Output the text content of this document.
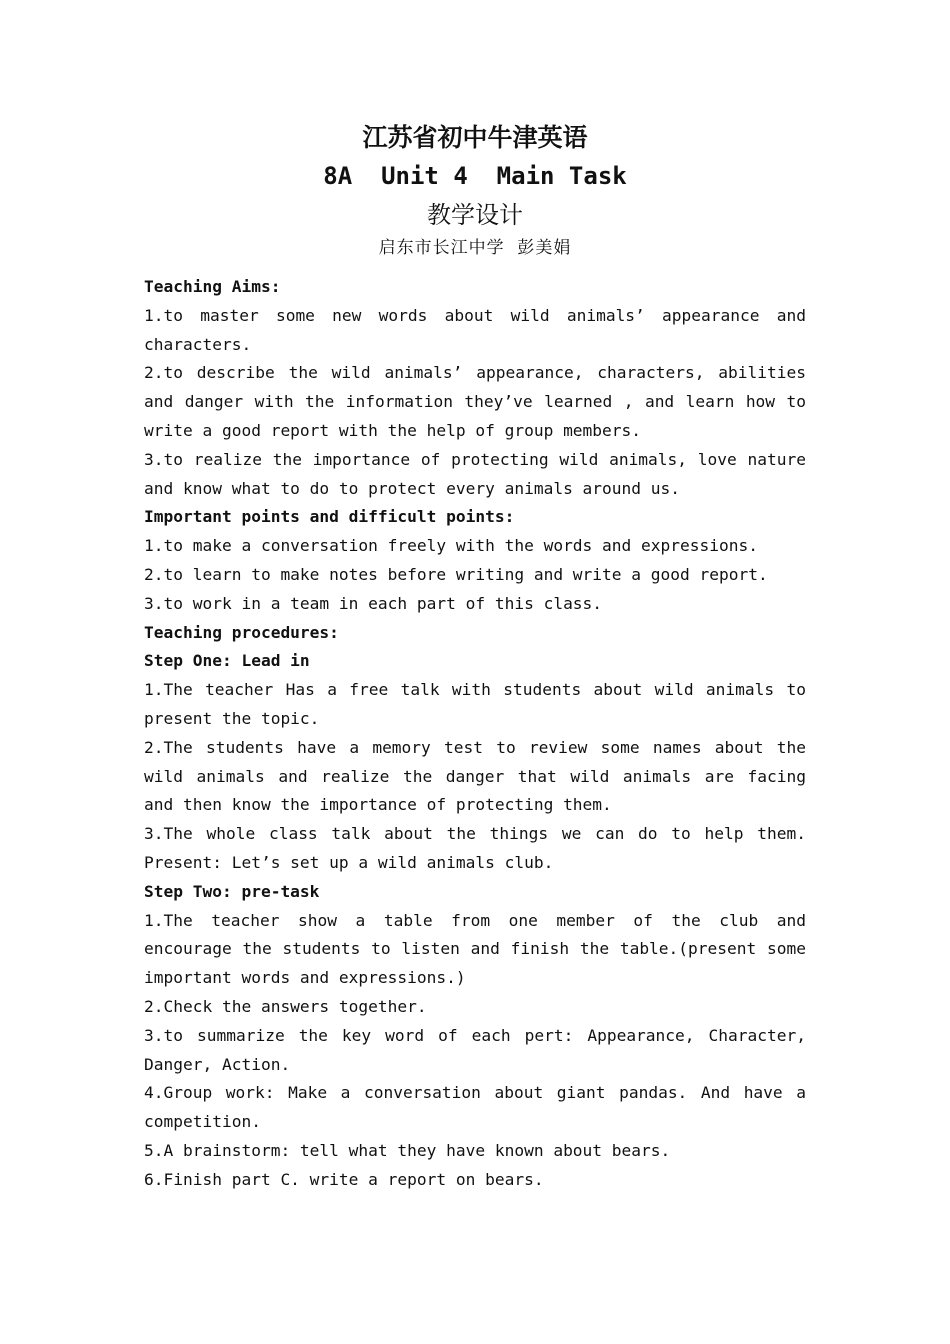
江苏省初中牛津英语
8A  Unit 4  Main Task
教学设计
启东市长江中学  彭美娟

Teaching Aims:

1.to master some new words about wild animals’ appearance and characters.

2.to describe the wild animals’ appearance, characters, abilities and danger with the information they’ve learned , and learn how to write a good report with the help of group members.

3.to realize the importance of protecting wild animals, love nature and know what to do to protect every animals around us.

Important points and difficult points:

1.to make a conversation freely with the words and expressions.

2.to learn to make notes before writing and write a good report.

3.to work in a team in each part of this class.

Teaching procedures:

Step One: Lead in

1.The teacher Has a free talk with students about wild animals to present the topic.

2.The students have a memory test to review some names about the wild animals and realize the danger that wild animals are facing and then know the importance of protecting them.

3.The whole class talk about the things we can do to help them. Present: Let’s set up a wild animals club.

Step Two: pre-task

1.The teacher show a table from one member of the club and encourage the students to listen and finish the table.(present some important words and expressions.)

2.Check the answers together.

3.to summarize the key word of each pert: Appearance, Character, Danger, Action.

4.Group work: Make a conversation about giant pandas. And have a competition.

5.A brainstorm: tell what they have known about bears.

6.Finish part C. write a report on bears.
